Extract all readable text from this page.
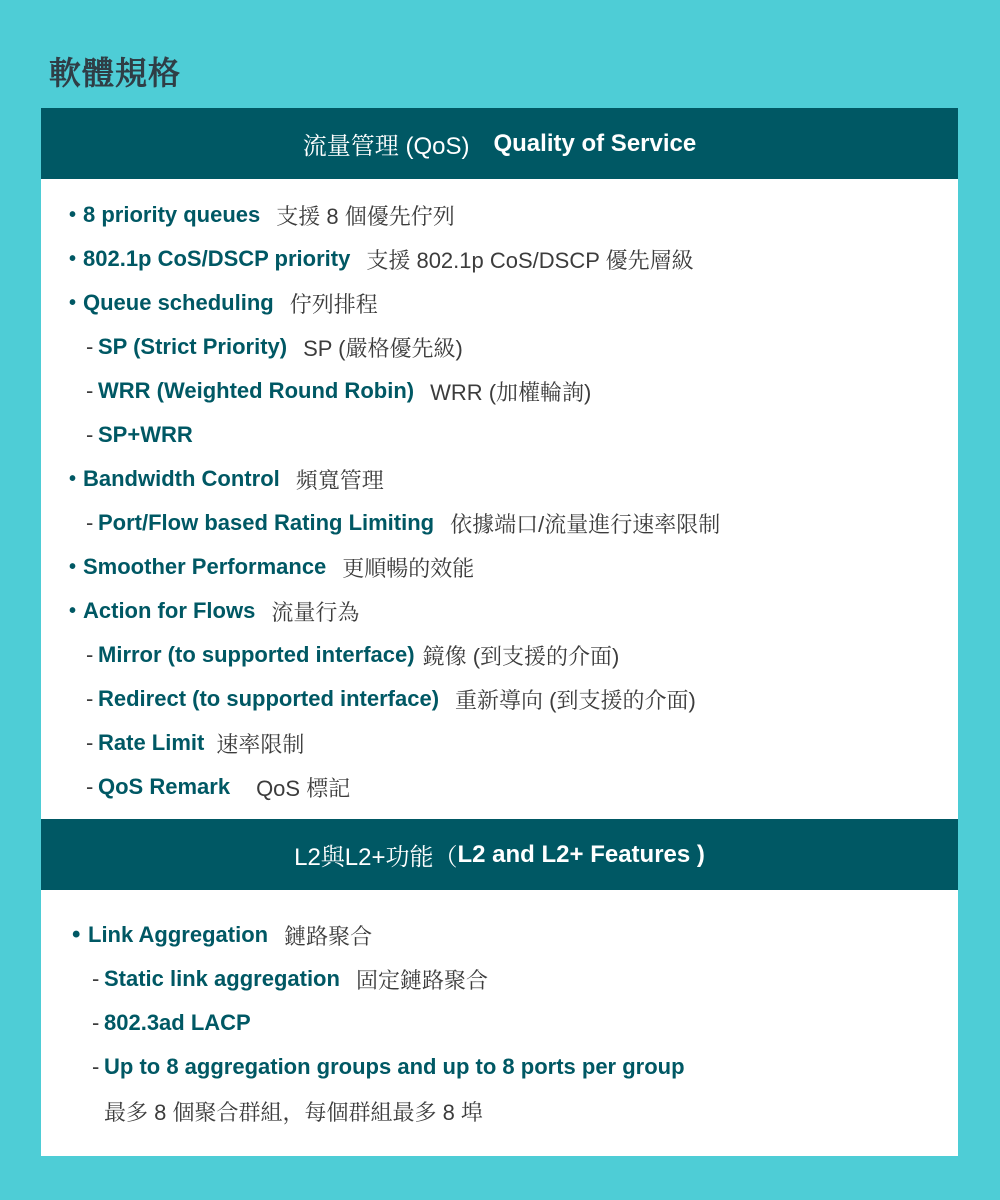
軟體規格
流量管理 (QoS) Quality of Service
• 8 priority queues 支援 8 個優先佇列
• 802.1p CoS/DSCP priority 支援 802.1p CoS/DSCP 優先層級
• Queue scheduling 佇列排程
- SP (Strict Priority) SP (嚴格優先級)
- WRR (Weighted Round Robin) WRR (加權輪詢)
- SP+WRR
• Bandwidth Control 頻寬管理
- Port/Flow based Rating Limiting 依據端口/流量進行速率限制
• Smoother Performance 更順暢的效能
• Action for Flows 流量行為
- Mirror (to supported interface) 鏡像 (到支援的介面)
- Redirect (to supported interface) 重新導向 (到支援的介面)
- Rate Limit 速率限制
- QoS Remark QoS 標記
L2與L2+功能（ L2 and L2+ Features )
• Link Aggregation 鏈路聚合
- Static link aggregation 固定鏈路聚合
- 802.3ad LACP
- Up to 8 aggregation groups and up to 8 ports per group
最多 8 個聚合群組，每個群組最多 8 埠
